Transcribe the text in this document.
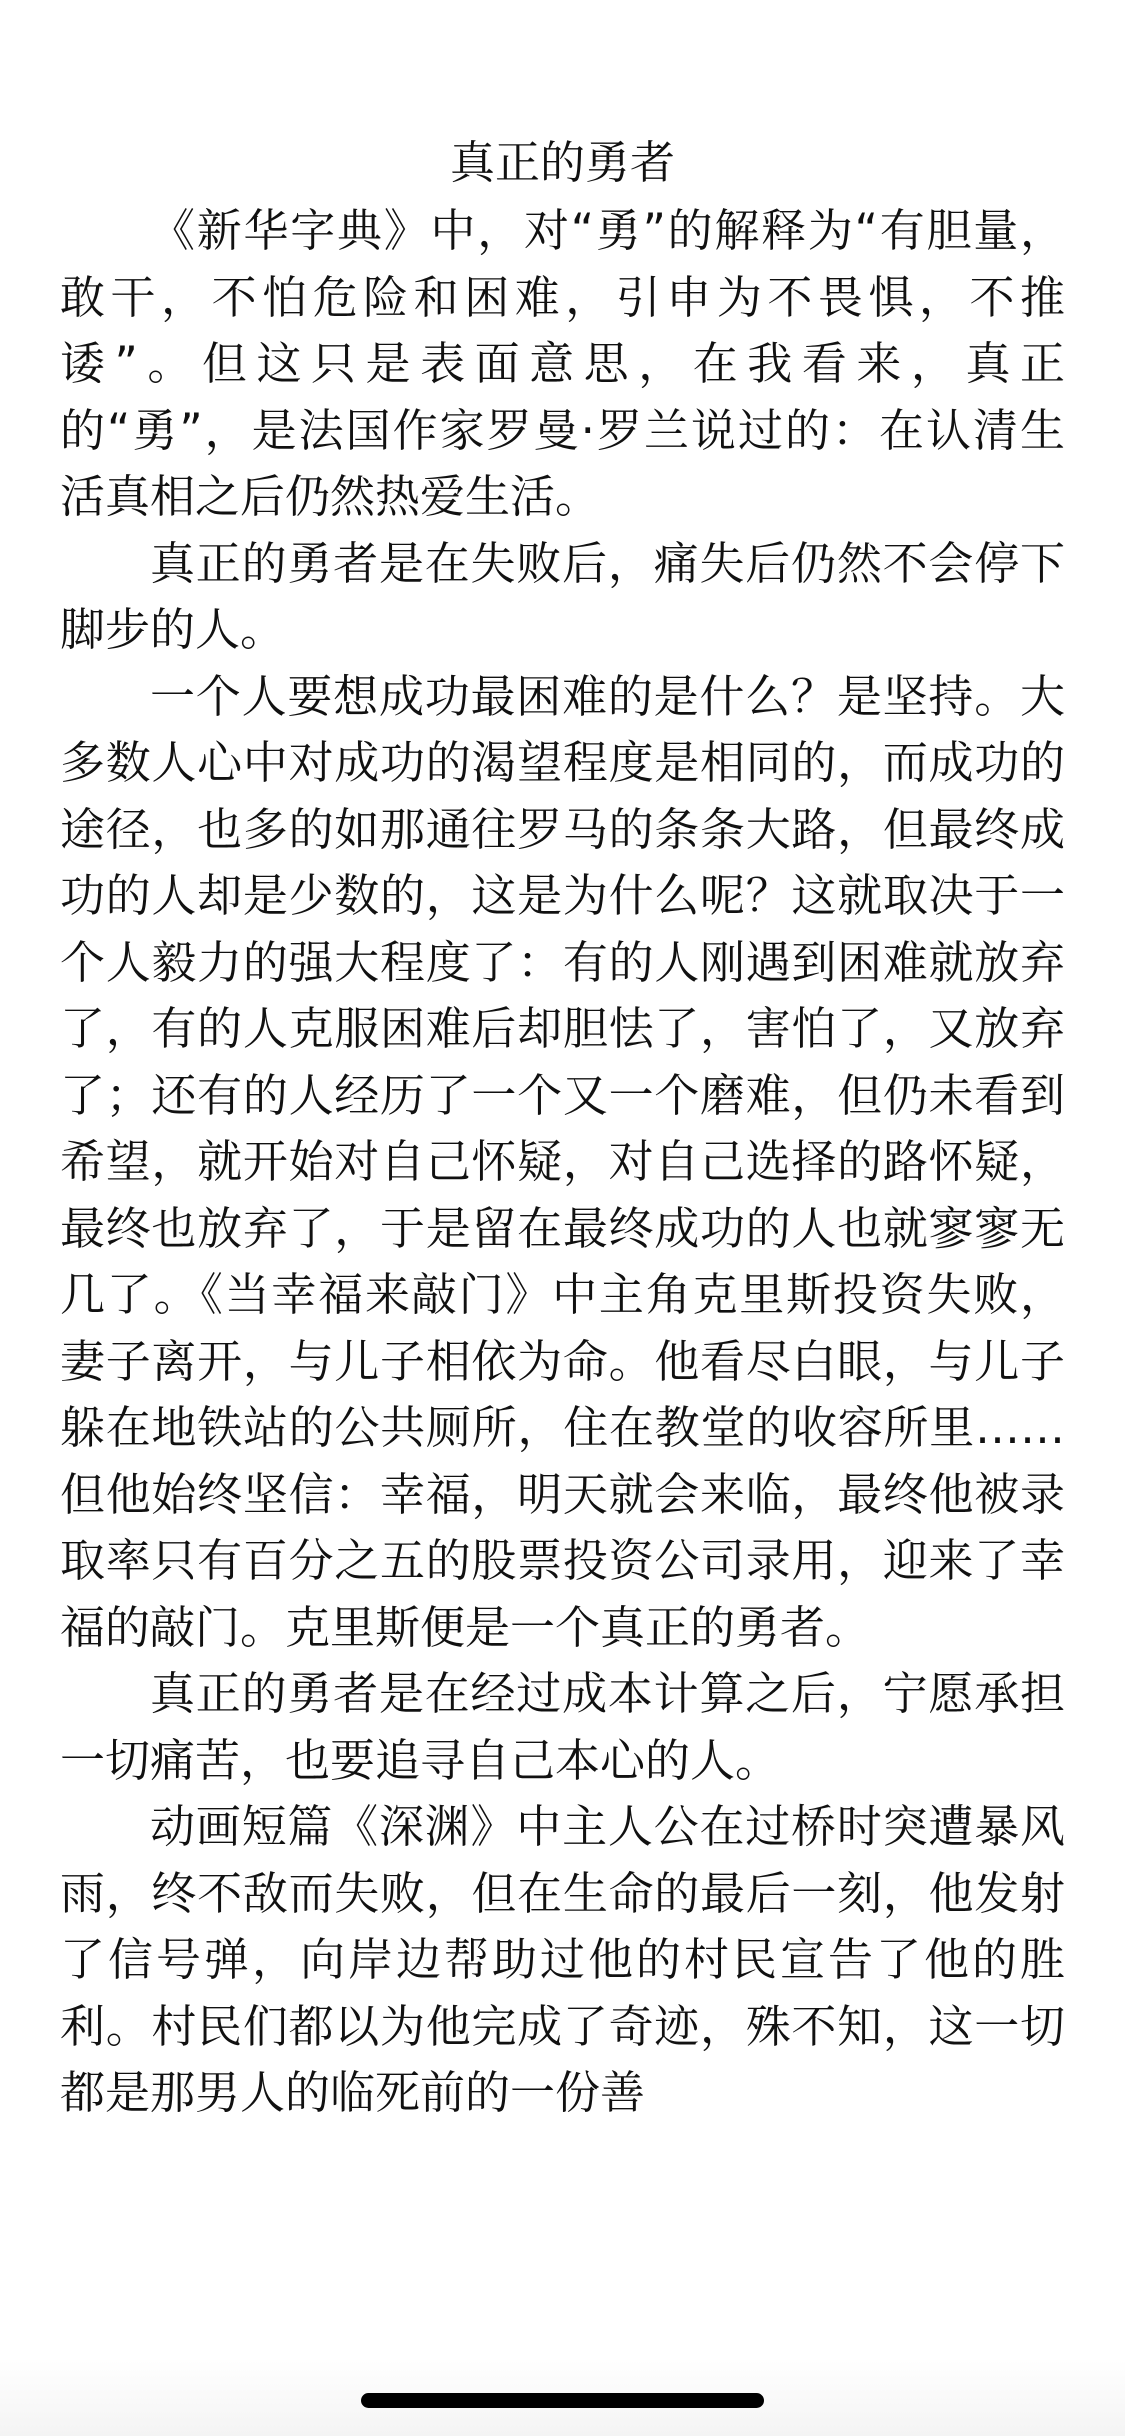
真正的勇者

《新华字典》中，对“勇”的解释为“有胆量，敢干，不怕危险和困难，引申为不畏惧，不推诿”。但这只是表面意思，在我看来，真正的“勇”，是法国作家罗曼·罗兰说过的：在认清生活真相之后仍然热爱生活。

真正的勇者是在失败后，痛失后仍然不会停下脚步的人。

一个人要想成功最困难的是什么？是坚持。大多数人心中对成功的渴望程度是相同的，而成功的途径，也多的如那通往罗马的条条大路，但最终成功的人却是少数的，这是为什么呢？这就取决于一个人毅力的强大程度了：有的人刚遇到困难就放弃了，有的人克服困难后却胆怯了，害怕了，又放弃了；还有的人经历了一个又一个磨难，但仍未看到希望，就开始对自己怀疑，对自己选择的路怀疑，最终也放弃了，于是留在最终成功的人也就寥寥无几了。《当幸福来敲门》中主角克里斯投资失败，妻子离开，与儿子相依为命。他看尽白眼，与儿子躲在地铁站的公共厕所，住在教堂的收容所里……但他始终坚信：幸福，明天就会来临，最终他被录取率只有百分之五的股票投资公司录用，迎来了幸福的敲门。克里斯便是一个真正的勇者。

真正的勇者是在经过成本计算之后，宁愿承担一切痛苦，也要追寻自己本心的人。

动画短篇《深渊》中主人公在过桥时突遭暴风雨，终不敌而失败，但在生命的最后一刻，他发射了信号弹，向岸边帮助过他的村民宣告了他的胜利。村民们都以为他完成了奇迹，殊不知，这一切都是那男人的临死前的一份善
